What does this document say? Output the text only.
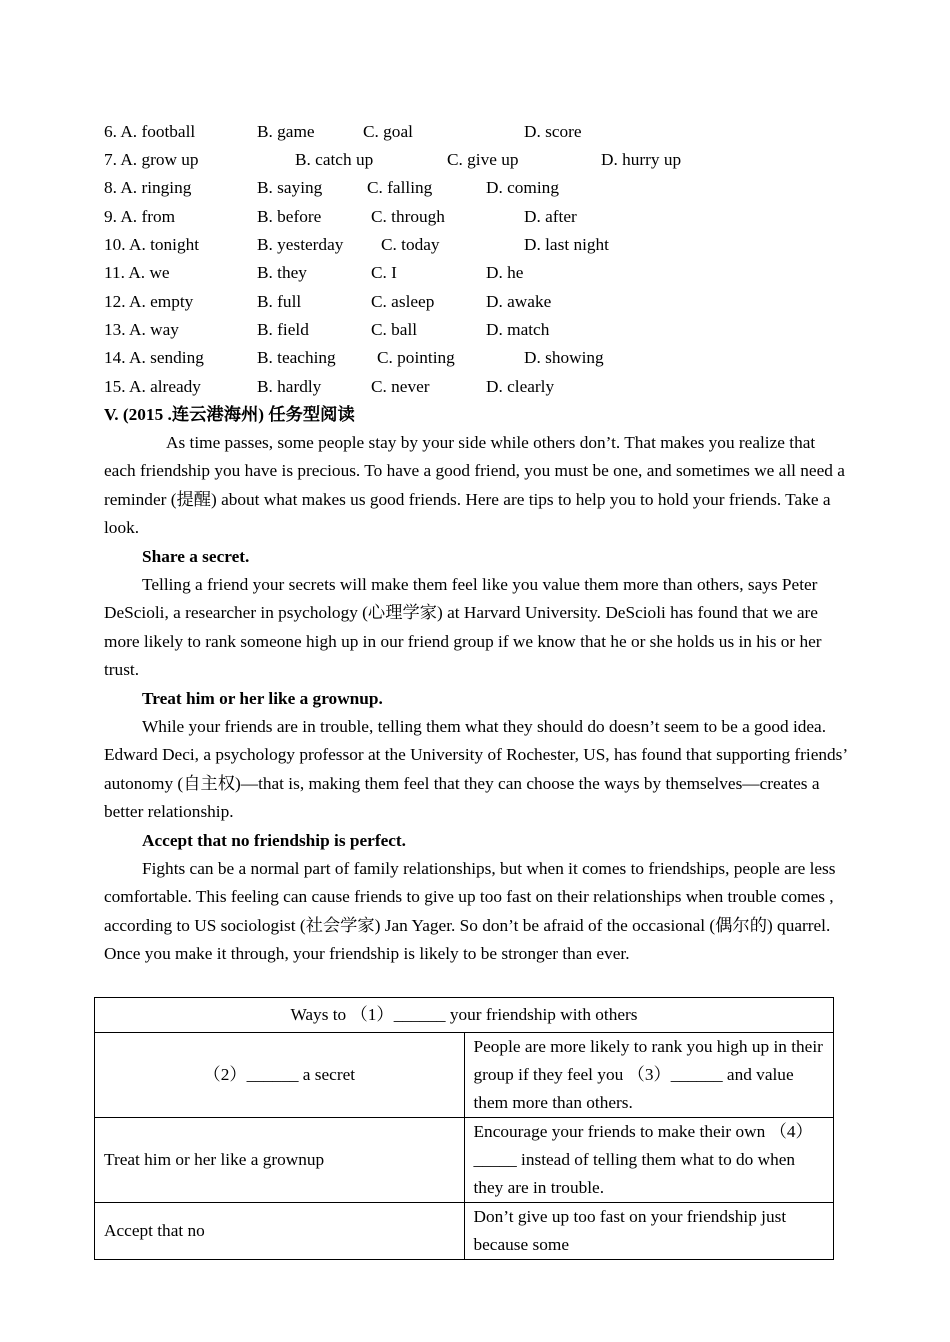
6. A. football	B. game	C. goal	D. score
7. A. grow up	B. catch up	C. give up	D. hurry up
8. A. ringing	B. saying	C. falling	D. coming
9. A. from	B. before	C. through	D. after
10. A. tonight	B. yesterday C. today	D. last night
11. A. we	B. they	C. I	D. he
12. A. empty	B. full	C. asleep	D. awake
13. A. way	B. field	C. ball	D. match
14. A. sending	B. teaching C. pointing	D. showing
15. A. already	B. hardly	C. never	D. clearly
V. (2015 .连云港海州) 任务型阅读

As time passes, some people stay by your side while others don’t. That makes you realize that each friendship you have is precious. To have a good friend, you must be one, and sometimes we all need a reminder (提醒) about what makes us good friends. Here are tips to help you to hold your friends. Take a look.

Share a secret.

Telling a friend your secrets will make them feel like you value them more than others, says Peter DeScioli, a researcher in psychology (心理学家) at Harvard University. DeScioli has found that we are more likely to rank someone high up in our friend group if we know that he or she holds us in his or her trust.

Treat him or her like a grownup.

While your friends are in trouble, telling them what they should do doesn’t seem to be a good idea. Edward Deci, a psychology professor at the University of Rochester, US, has found that supporting friends’ autonomy (自主权)—that is, making them feel that they can choose the ways by themselves—creates a better relationship.

Accept that no friendship is perfect.

Fights can be a normal part of family relationships, but when it comes to friendships, people are less comfortable. This feeling can cause friends to give up too fast on their relationships when trouble comes , according to US sociologist (社会学家) Jan Yager. So don’t be afraid of the occasional (偶尔的) quarrel. Once you make it through, your friendship is likely to be stronger than ever.

Ways to （1）______ your friendship with others	
（2）______ a secret	People are more likely to rank you high up in their group if they feel you （3）______ and value them more than others.
Treat him or her like a grownup	Encourage your friends to make their own （4）_____ instead of telling them what to do when they are in trouble.
Accept that no	Don’t give up too fast on your friendship just because some
